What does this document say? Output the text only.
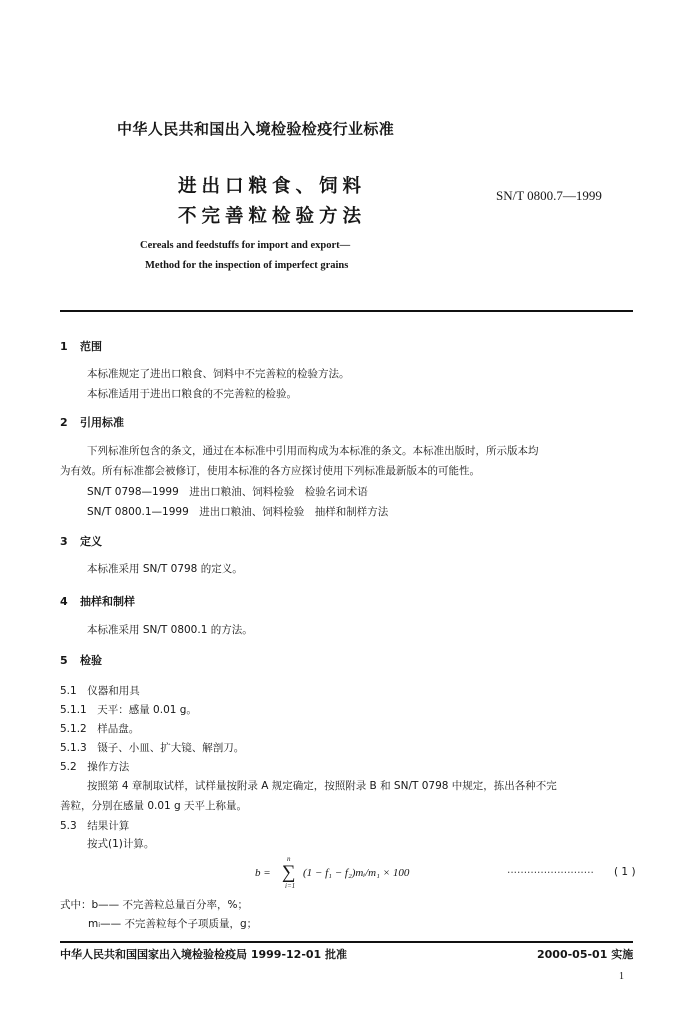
中华人民共和国出入境检验检疫行业标准
进出口粮食、饲料
不完善粒检验方法
SN/T 0800.7—1999
Cereals and feedstuffs for import and export—
Method for the inspection of imperfect grains
1 范围
本标准规定了进出口粮食、饲料中不完善粒的检验方法。
本标准适用于进出口粮食的不完善粒的检验。
2 引用标准
下列标准所包含的条文，通过在本标准中引用而构成为本标准的条文。本标准出版时，所示版本均
为有效。所有标准都会被修订，使用本标准的各方应探讨使用下列标准最新版本的可能性。
SN/T 0798—1999　进出口粮油、饲料检验　检验名词术语
SN/T 0800.1—1999　进出口粮油、饲料检验　抽样和制样方法
3 定义
本标准采用 SN/T 0798 的定义。
4 抽样和制样
本标准采用 SN/T 0800.1 的方法。
5 检验
5.1　仪器和用具
5.1.1　天平：感量 0.01 g。
5.1.2　样品盘。
5.1.3　镊子、小皿、扩大镜、解剖刀。
5.2　操作方法
按照第 4 章制取试样，试样量按附录 A 规定确定，按照附录 B 和 SN/T 0798 中规定，拣出各种不完
善粒，分别在感量 0.01 g 天平上称量。
5.3　结果计算
按式(1)计算。
b = ∑
n
i=1
(1 − f₁ − f₂)mᵢ/m₁ × 100	·························· ( 1 )
式中：b—— 不完善粒总量百分率，%；
mᵢ—— 不完善粒每个子项质量，g；
中华人民共和国国家出入境检验检疫局 1999-12-01 批准	2000-05-01 实施
1
